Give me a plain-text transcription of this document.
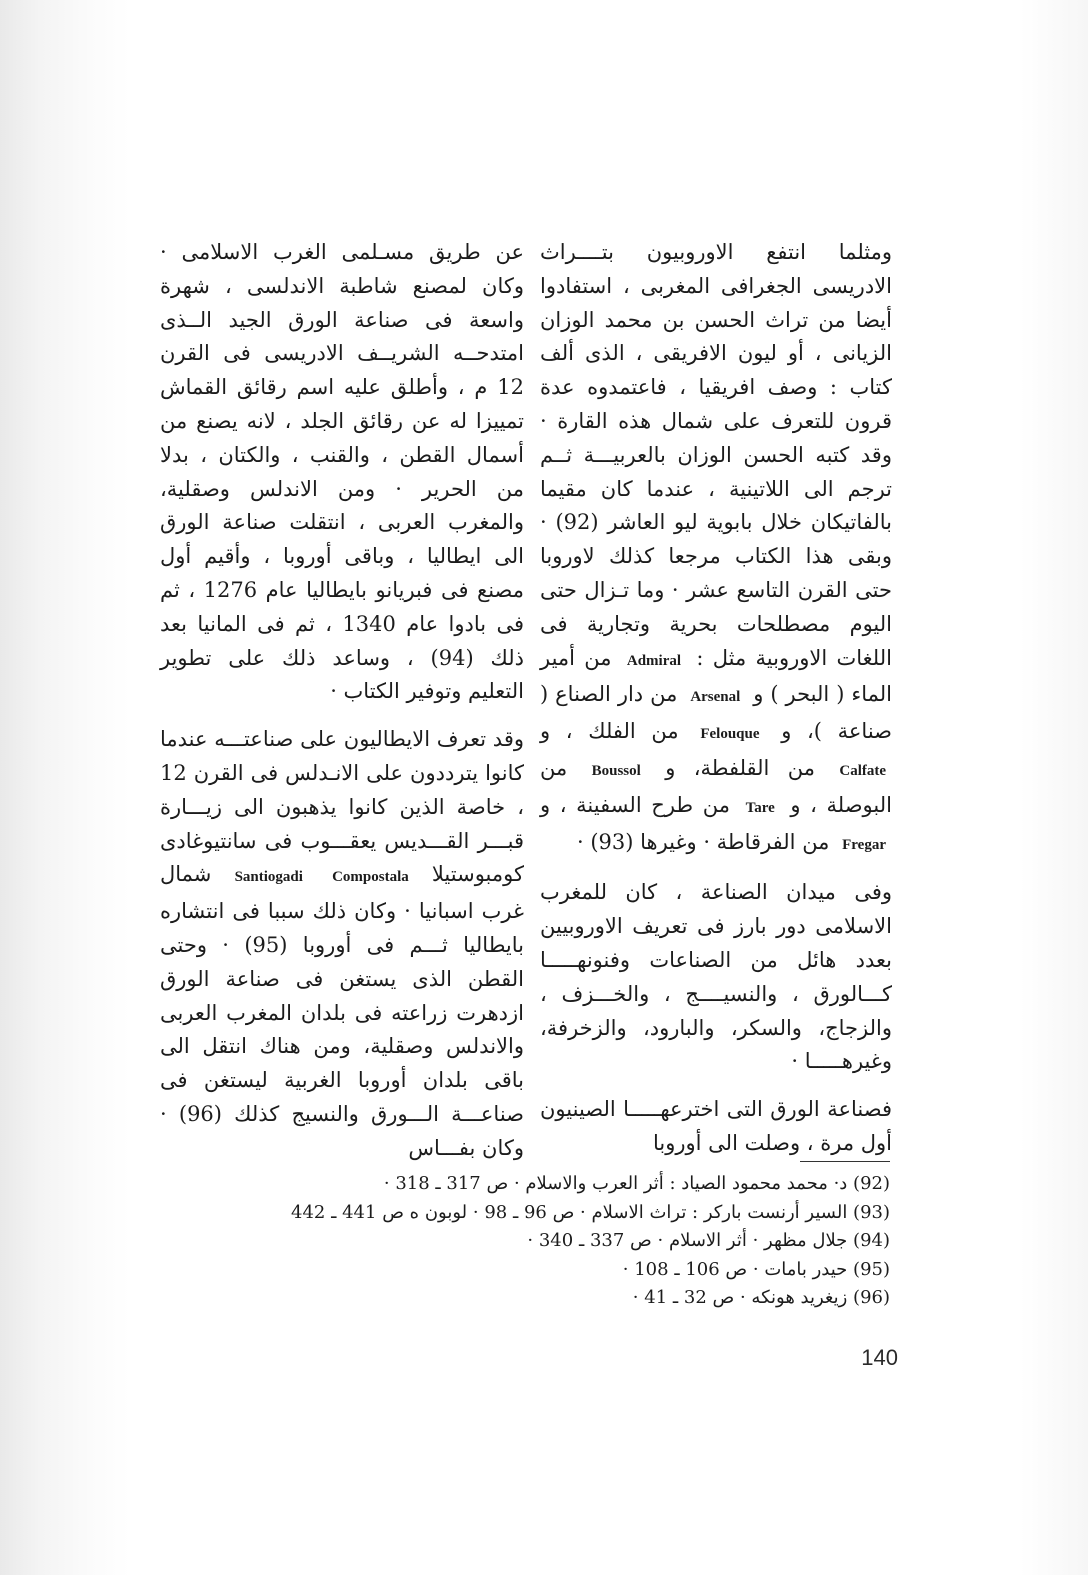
ومثلما انتفع الاوروبيون بتــــراث الادريسى الجغرافى المغربى ، استفادوا أيضا من تراث الحسن بن محمد الوزان الزيانى ، أو ليون الافريقى ، الذى ألف كتاب : وصف افريقيا ، فاعتمدوه عدة قرون للتعرف على شمال هذه القارة · وقد كتبه الحسن الوزان بالعربيـــة ثــم ترجم الى اللاتينية ، عندما كان مقيما بالفاتيكان خلال بابوية ليو العاشر (92) · وبقى هذا الكتاب مرجعا كذلك لاوروبا حتى القرن التاسع عشر · وما تـزال حتى اليوم مصطلحات بحرية وتجارية فى اللغات الاوروبية مثل : Admiral من أمير الماء ( البحر ) و Arsenal من دار الصناع ( صناعة )، و Felouque من الفلك ، و Calfate من القلفطة، و Boussol من البوصلة ، و Tare من طرح السفينة ، و Fregar من الفرقاطة · وغيرها (93) ·

وفى ميدان الصناعة ، كان للمغرب الاسلامى دور بارز فى تعريف الاوروبيين بعدد هائل من الصناعات وفنونهـــــا كـــالورق ، والنسيــــج ، والخـــزف ، والزجاج، والسكر، والبارود، والزخرفة، وغيرهـــــا ·

فصناعة الورق التى اخترعهـــــا الصينيون أول مرة ، وصلت الى أوروبا

عن طريق مسـلمى الغرب الاسلامى · وكان لمصنع شاطبة الاندلسى ، شهرة واسعة فى صناعة الورق الجيد الــذى امتدحــه الشريــف الادريسى فى القرن 12 م ، وأطلق عليه اسم رقائق القماش تمييزا له عن رقائق الجلد ، لانه يصنع من أسمال القطن ، والقنب ، والكتان ، بدلا من الحرير · ومن الاندلس وصقلية، والمغرب العربى ، انتقلت صناعة الورق الى ايطاليا ، وباقى أوروبا ، وأقيم أول مصنع فى فبريانو بايطاليا عام 1276 ، ثم فى بادوا عام 1340 ، ثم فى المانيا بعد ذلك (94) ، وساعد ذلك على تطوير التعليم وتوفير الكتاب ·

وقد تعرف الايطاليون على صناعتـــه عندما كانوا يترددون على الانـدلس فى القرن 12 ، خاصة الذين كانوا يذهبون الى زيـــارة قبـــر القـــديس يعقـــوب فى سانتيوغادى كومبوستيلا Santiogadi Compostala شمال غرب اسبانيا · وكان ذلك سببا فى انتشاره بايطاليا ثـــم فى أوروبا (95) · وحتى القطن الذى يستغن فى صناعة الورق ازدهرت زراعته فى بلدان المغرب العربى والاندلس وصقلية، ومن هناك انتقل الى باقى بلدان أوروبا الغربية ليستغن فى صناعـــة الـــورق والنسيج كذلك (96) · وكان بفـــاس

(92) د· محمد محمود الصياد : أثر العرب والاسلام · ص 317 ـ 318 ·
(93) السير أرنست باركر : تراث الاسلام · ص 96 ـ 98 · لوبون ه ص 441 ـ 442
(94) جلال مظهر · أثر الاسلام · ص 337 ـ 340 ·
(95) حيدر بامات · ص 106 ـ 108 ·
(96) زيغريد هونكه · ص 32 ـ 41 ·
140
